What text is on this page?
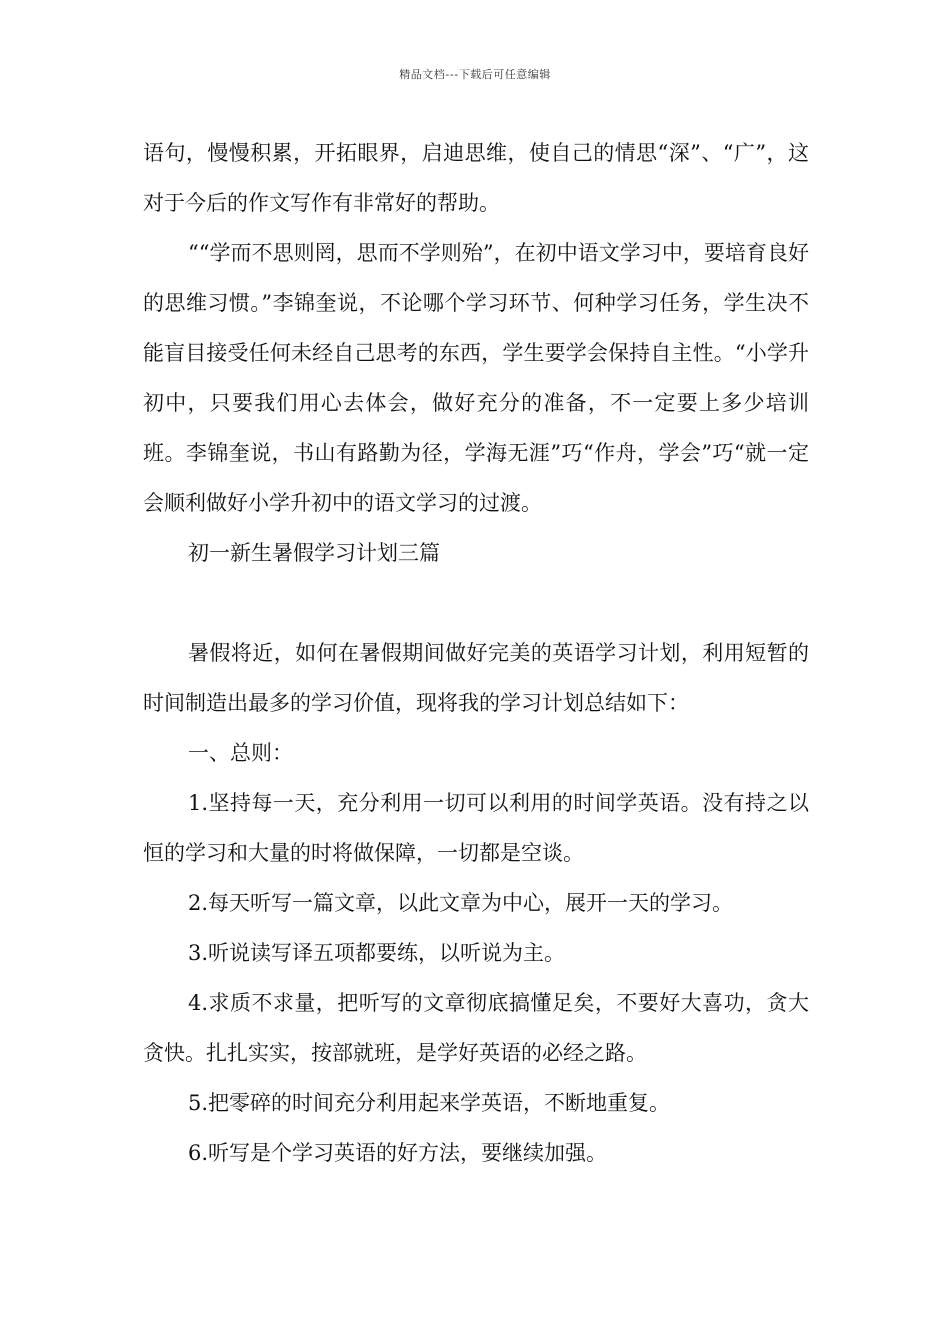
精品文档---下载后可任意编辑

语句，慢慢积累，开拓眼界，启迪思维，使自己的情思“深”、“广”，这对于今后的作文写作有非常好的帮助。

““学而不思则罔，思而不学则殆”，在初中语文学习中，要培育良好的思维习惯。”李锦奎说，不论哪个学习环节、何种学习任务，学生决不能盲目接受任何未经自己思考的东西，学生要学会保持自主性。“小学升初中，只要我们用心去体会，做好充分的准备，不一定要上多少培训班。李锦奎说，书山有路勤为径，学海无涯”巧“作舟，学会”巧“就一定会顺利做好小学升初中的语文学习的过渡。

初一新生暑假学习计划三篇

暑假将近，如何在暑假期间做好完美的英语学习计划，利用短暂的时间制造出最多的学习价值，现将我的学习计划总结如下：

一、总则：

1.坚持每一天，充分利用一切可以利用的时间学英语。没有持之以恒的学习和大量的时将做保障，一切都是空谈。

2.每天听写一篇文章，以此文章为中心，展开一天的学习。

3.听说读写译五项都要练，以听说为主。

4.求质不求量，把听写的文章彻底搞懂足矣，不要好大喜功，贪大贪快。扎扎实实，按部就班，是学好英语的必经之路。

5.把零碎的时间充分利用起来学英语，不断地重复。

6.听写是个学习英语的好方法，要继续加强。
